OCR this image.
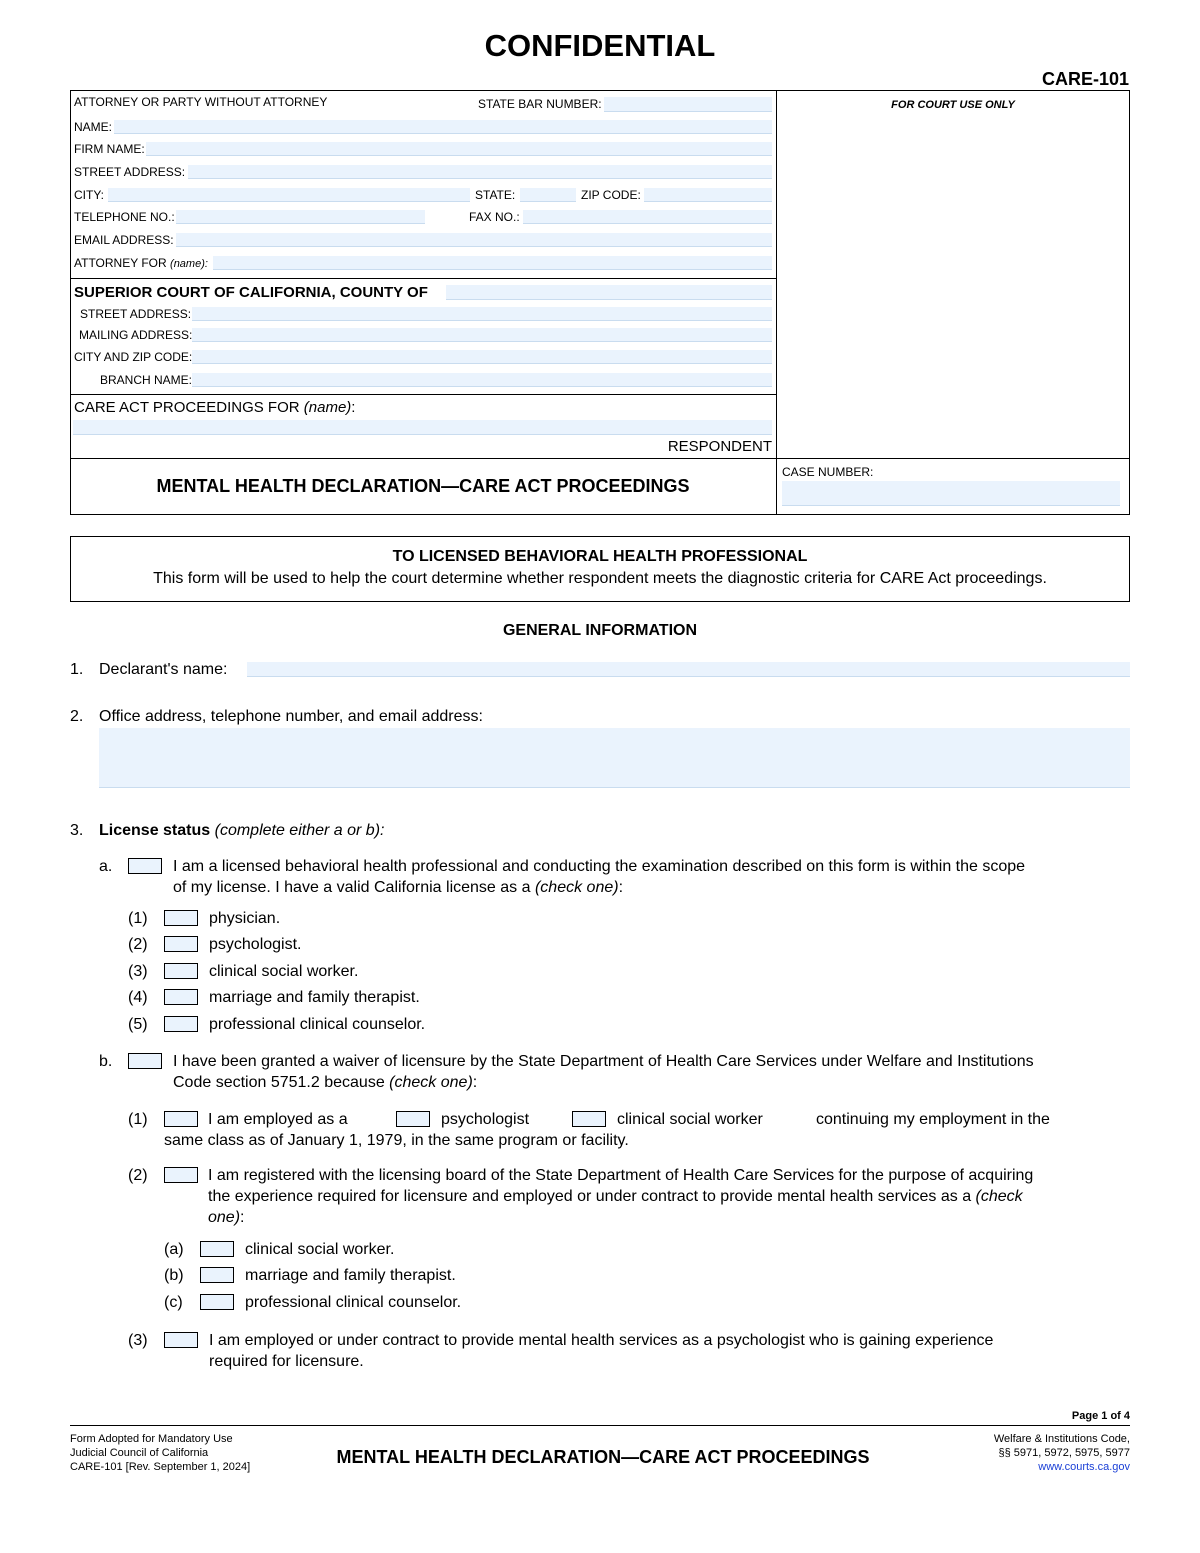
CONFIDENTIAL
CARE-101
ATTORNEY OR PARTY WITHOUT ATTORNEY	STATE BAR NUMBER:
NAME:
FIRM NAME:
STREET ADDRESS:
CITY:	STATE:	ZIP CODE:
TELEPHONE NO.:	FAX NO.:
EMAIL ADDRESS:
ATTORNEY FOR (name):
SUPERIOR COURT OF CALIFORNIA, COUNTY OF
STREET ADDRESS:
MAILING ADDRESS:
CITY AND ZIP CODE:
BRANCH NAME:
CARE ACT PROCEEDINGS FOR (name):
RESPONDENT
FOR COURT USE ONLY
MENTAL HEALTH DECLARATION—CARE ACT PROCEEDINGS
CASE NUMBER:
TO LICENSED BEHAVIORAL HEALTH PROFESSIONAL
This form will be used to help the court determine whether respondent meets the diagnostic criteria for CARE Act proceedings.
GENERAL INFORMATION
1. Declarant's name:
2. Office address, telephone number, and email address:
3. License status (complete either a or b):
a.	I am a licensed behavioral health professional and conducting the examination described on this form is within the scope
of my license. I have a valid California license as a (check one):
(1)	physician.
(2)	psychologist.
(3)	clinical social worker.
(4)	marriage and family therapist.
(5)	professional clinical counselor.
b.	I have been granted a waiver of licensure by the State Department of Health Care Services under Welfare and Institutions
Code section 5751.2 because (check one):
(1)	I am employed as a	psychologist	clinical social worker	continuing my employment in the
same class as of January 1, 1979, in the same program or facility.
(2)	I am registered with the licensing board of the State Department of Health Care Services for the purpose of acquiring
the experience required for licensure and employed or under contract to provide mental health services as a (check
one):
(a)	clinical social worker.
(b)	marriage and family therapist.
(c)	professional clinical counselor.
(3)	I am employed or under contract to provide mental health services as a psychologist who is gaining experience
required for licensure.
Page 1 of 4
Form Adopted for Mandatory Use
Judicial Council of California
CARE-101 [Rev. September 1, 2024]	MENTAL HEALTH DECLARATION—CARE ACT PROCEEDINGS
Welfare & Institutions Code,
§§ 5971, 5972, 5975, 5977
www.courts.ca.gov
